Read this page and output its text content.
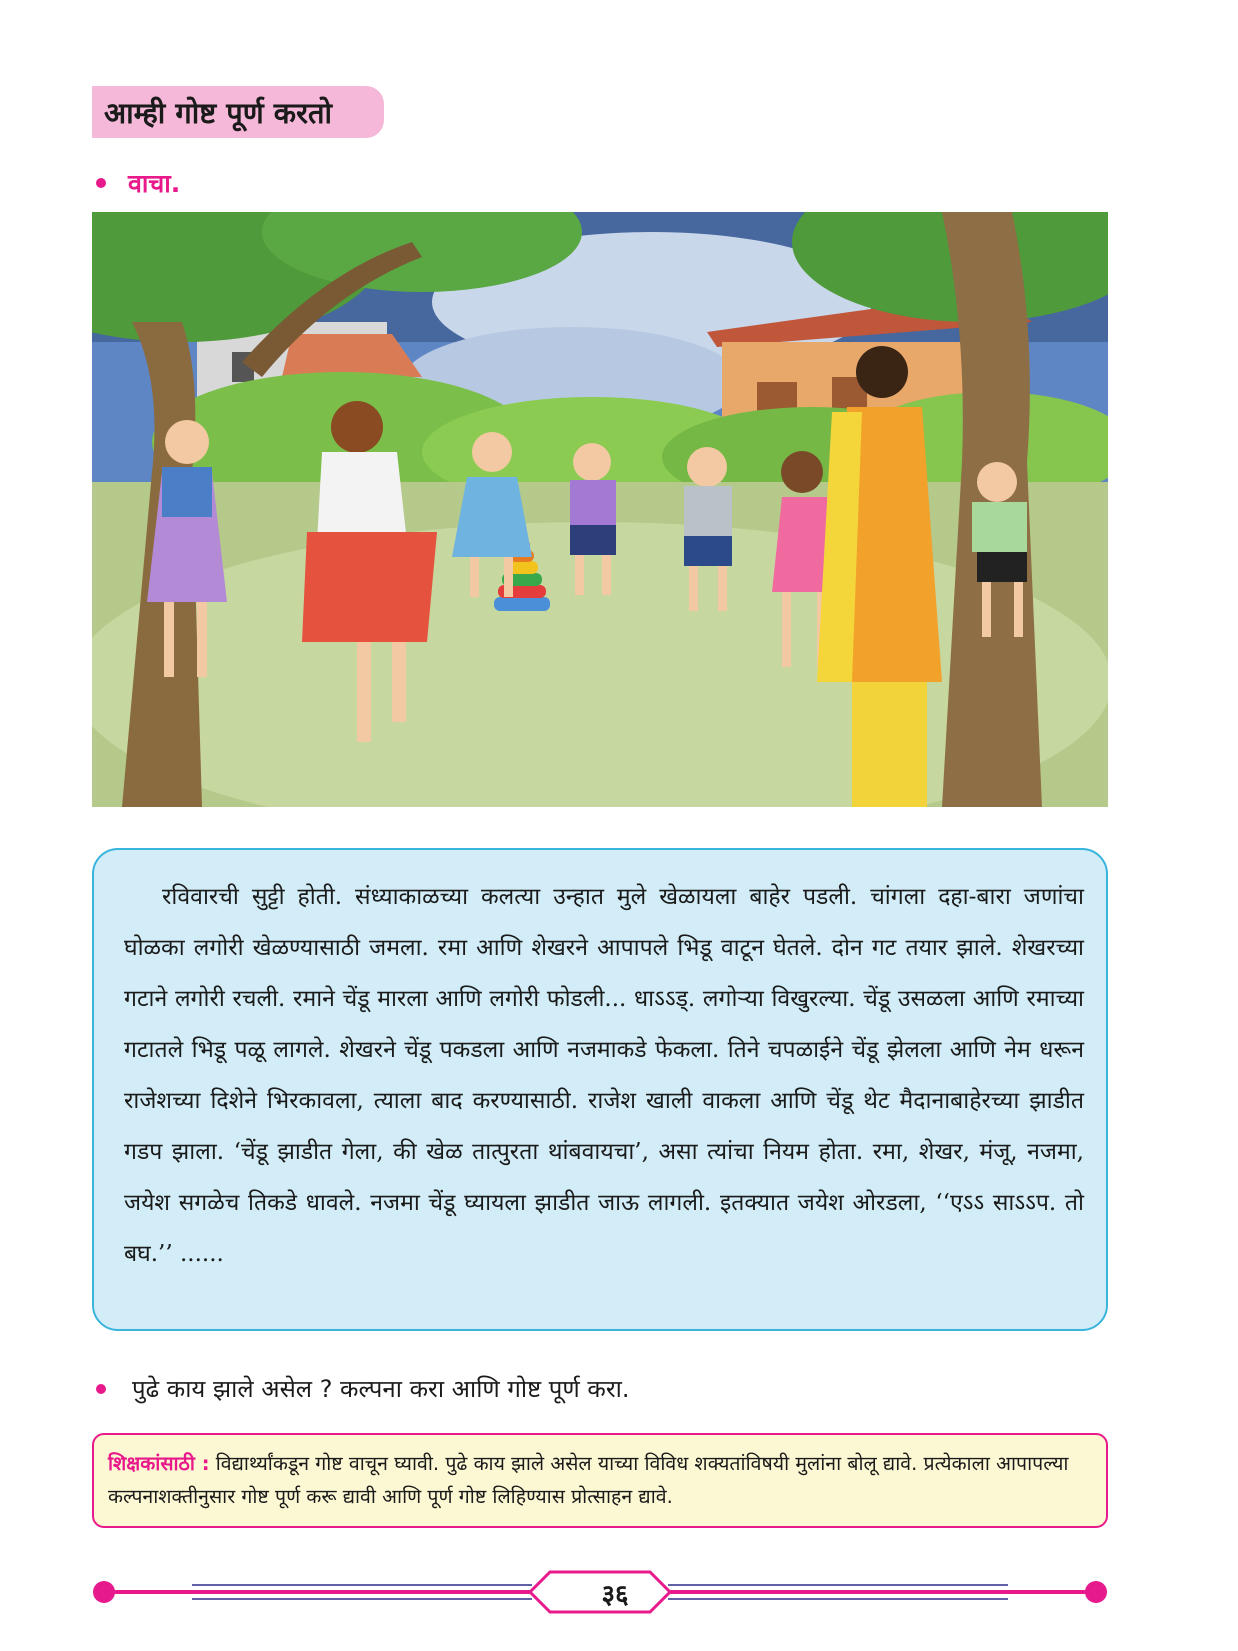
आम्ही गोष्ट पूर्ण करतो
वाचा.

रविवारची सुट्टी होती. संध्याकाळच्या कलत्या उन्हात मुले खेळायला बाहेर पडली. चांगला दहा-बारा जणांचा घोळका लगोरी खेळण्यासाठी जमला. रमा आणि शेखरने आपापले भिडू वाटून घेतले. दोन गट तयार झाले. शेखरच्या गटाने लगोरी रचली. रमाने चेंडू मारला आणि लगोरी फोडली... धाऽऽड्. लगोऱ्या विखुरल्या. चेंडू उसळला आणि रमाच्या गटातले भिडू पळू लागले. शेखरने चेंडू पकडला आणि नजमाकडे फेकला. तिने चपळाईने चेंडू झेलला आणि नेम धरून राजेशच्या दिशेने भिरकावला, त्याला बाद करण्यासाठी. राजेश खाली वाकला आणि चेंडू थेट मैदानाबाहेरच्या झाडीत गडप झाला. ‘चेंडू झाडीत गेला, की खेळ तात्पुरता थांबवायचा’, असा त्यांचा नियम होता. रमा, शेखर, मंजू, नजमा, जयेश सगळेच तिकडे धावले. नजमा चेंडू घ्यायला झाडीत जाऊ लागली. इतक्यात जयेश ओरडला, ‘‘एऽऽ साऽऽप. तो बघ.’’ ......

पुढे काय झाले असेल ? कल्पना करा आणि गोष्ट पूर्ण करा.
शिक्षकांसाठी : विद्यार्थ्यांकडून गोष्ट वाचून घ्यावी. पुढे काय झाले असेल याच्या विविध शक्यतांविषयी मुलांना बोलू द्यावे. प्रत्येकाला आपापल्या कल्पनाशक्तीनुसार गोष्ट पूर्ण करू द्यावी आणि पूर्ण गोष्ट लिहिण्यास प्रोत्साहन द्यावे.
३६
